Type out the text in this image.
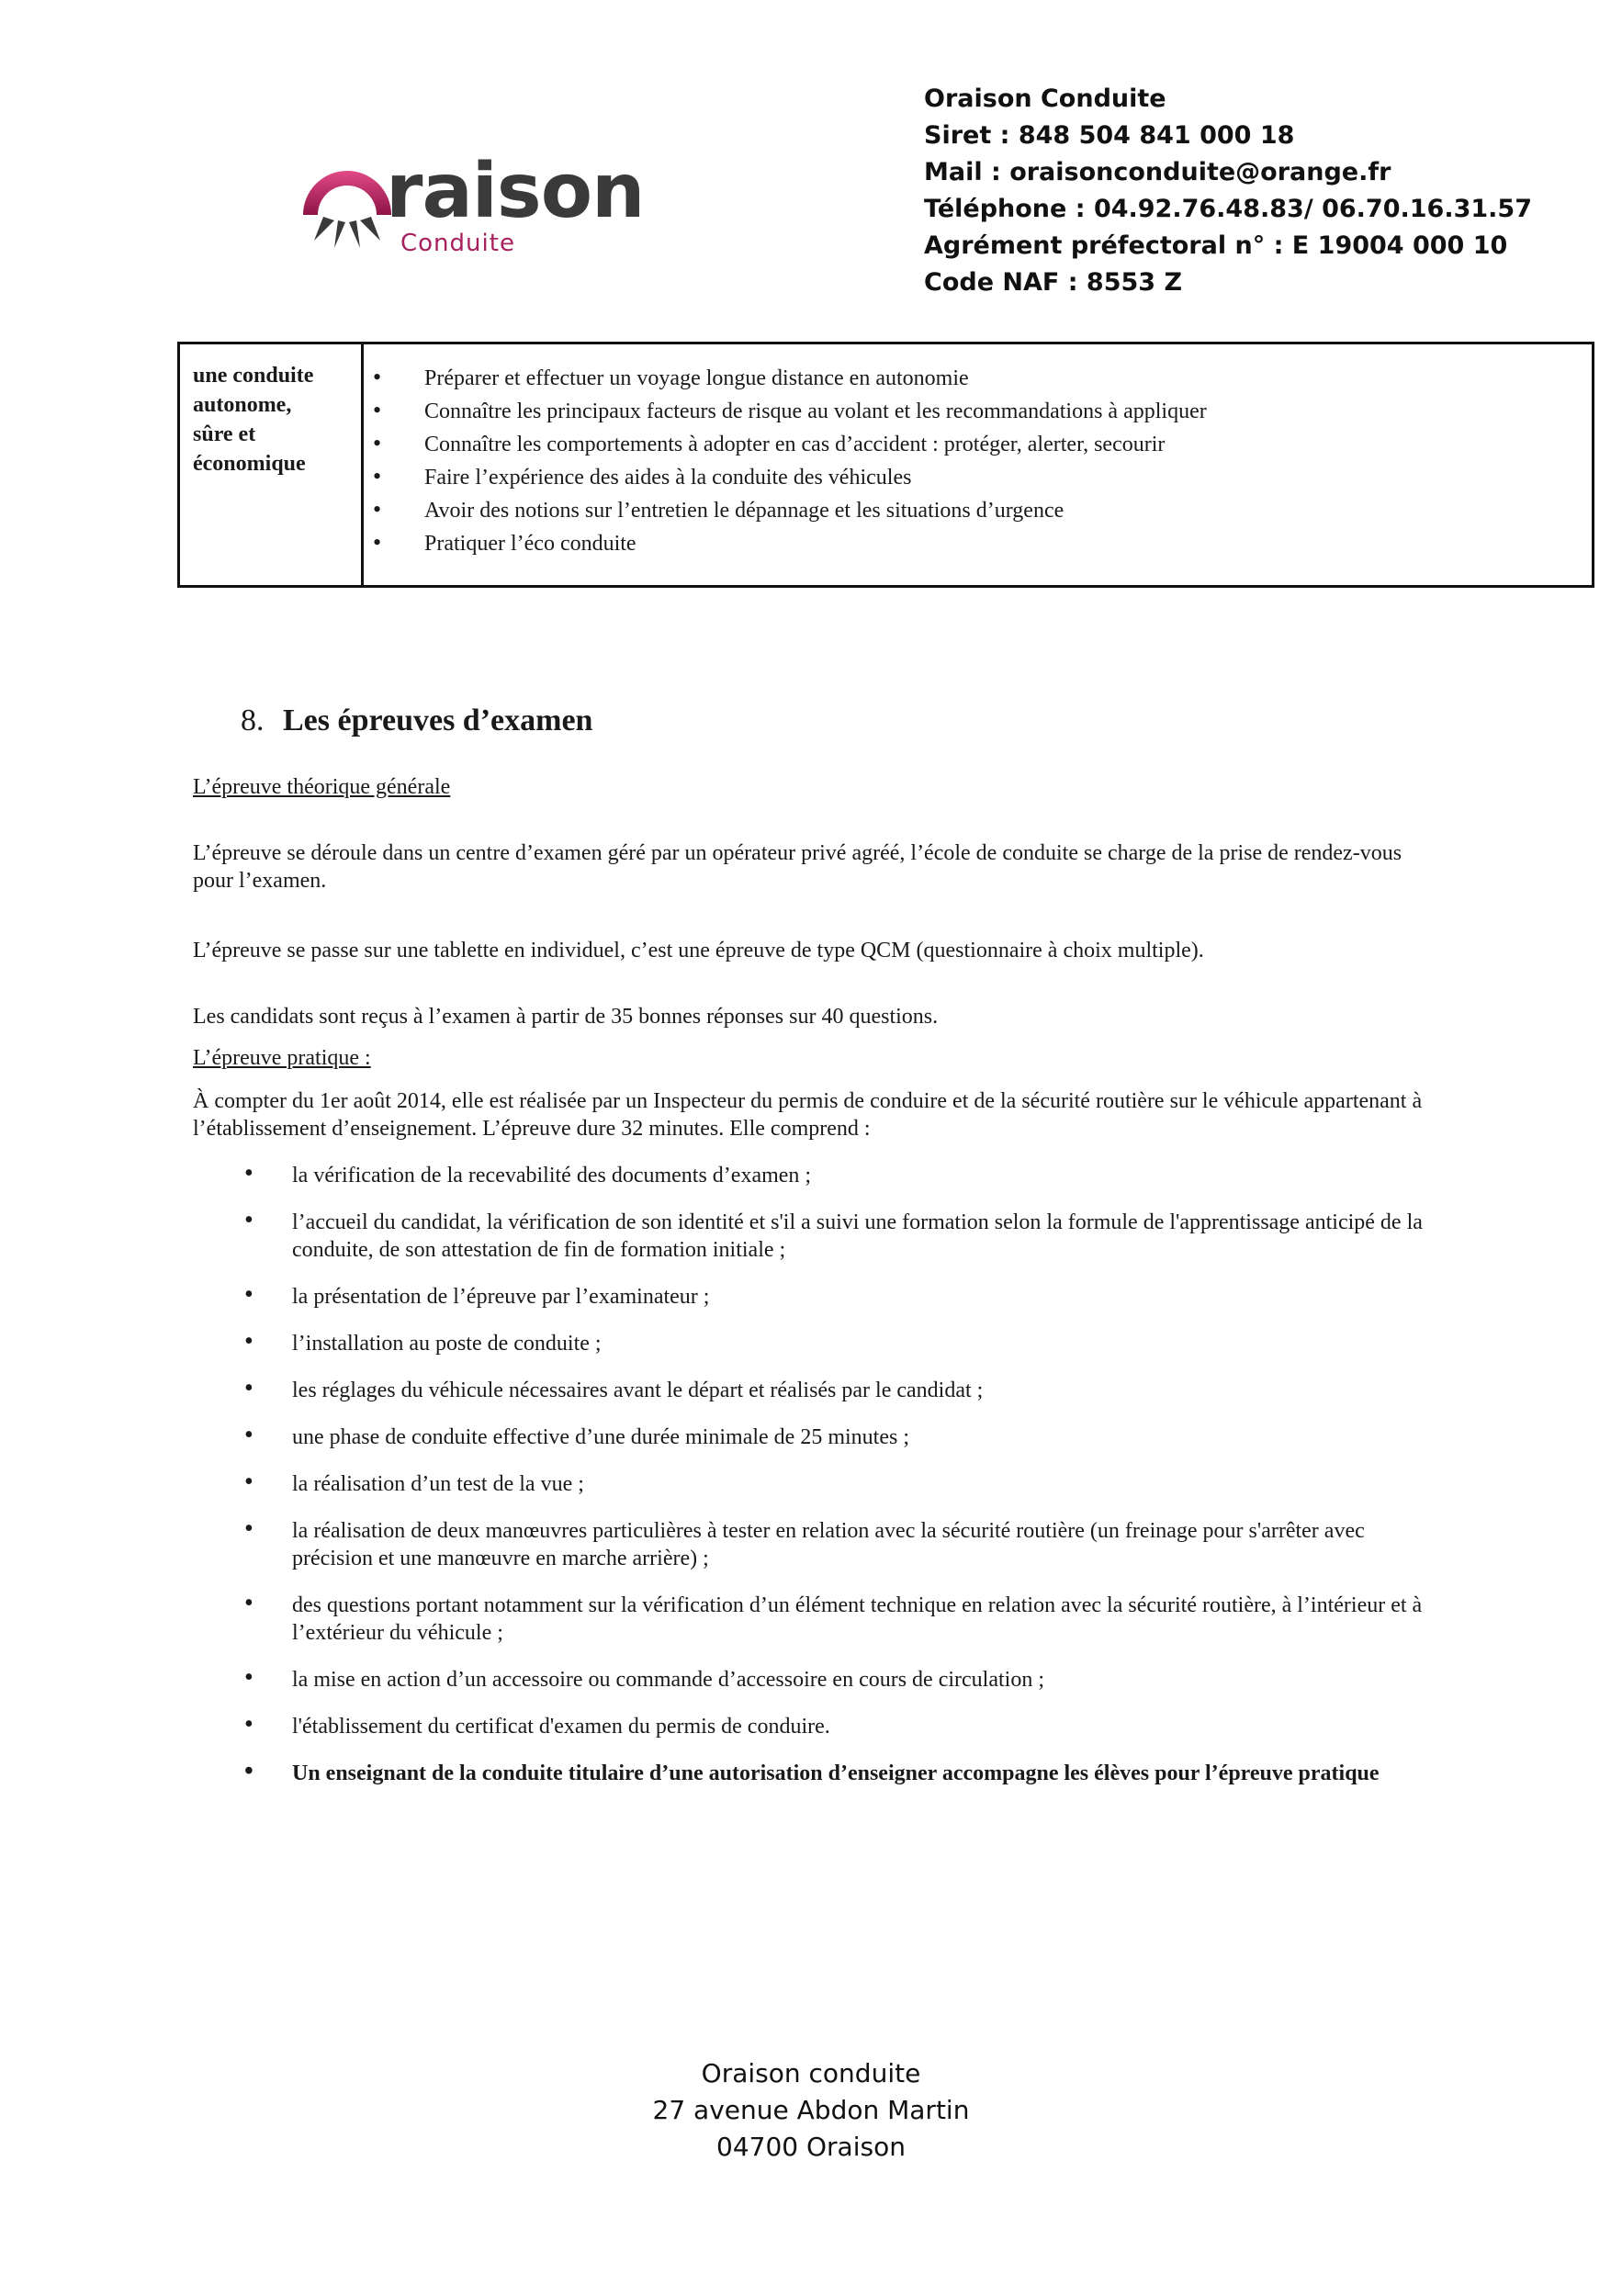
raison
Conduite
Oraison Conduite
Siret : 848 504 841 000 18
Mail : oraisonconduite@orange.fr
Téléphone : 04.92.76.48.83/ 06.70.16.31.57
Agrément préfectoral n° : E 19004 000 10
Code NAF : 8553 Z
une conduite
autonome,
sûre et
économique
• Préparer et effectuer un voyage longue distance en autonomie
• Connaître les principaux facteurs de risque au volant et les recommandations à appliquer
• Connaître les comportements à adopter en cas d’accident : protéger, alerter, secourir
• Faire l’expérience des aides à la conduite des véhicules
• Avoir des notions sur l’entretien le dépannage et les situations d’urgence
• Pratiquer l’éco conduite
8. Les épreuves d’examen
L’épreuve théorique générale
L’épreuve se déroule dans un centre d’examen géré par un opérateur privé agréé, l’école de conduite se charge de la prise de rendez-vous pour l’examen.
L’épreuve se passe sur une tablette en individuel, c’est une épreuve de type QCM (questionnaire à choix multiple).
Les candidats sont reçus à l’examen à partir de 35 bonnes réponses sur 40 questions.
L’épreuve pratique :
À compter du 1er août 2014, elle est réalisée par un Inspecteur du permis de conduire et de la sécurité routière sur le véhicule appartenant à l’établissement d’enseignement. L’épreuve dure 32 minutes. Elle comprend :
• la vérification de la recevabilité des documents d’examen ;
• l’accueil du candidat, la vérification de son identité et s'il a suivi une formation selon la formule de l'apprentissage anticipé de la conduite, de son attestation de fin de formation initiale ;
• la présentation de l’épreuve par l’examinateur ;
• l’installation au poste de conduite ;
• les réglages du véhicule nécessaires avant le départ et réalisés par le candidat ;
• une phase de conduite effective d’une durée minimale de 25 minutes ;
• la réalisation d’un test de la vue ;
• la réalisation de deux manœuvres particulières à tester en relation avec la sécurité routière (un freinage pour s'arrêter avec précision et une manœuvre en marche arrière) ;
• des questions portant notamment sur la vérification d’un élément technique en relation avec la sécurité routière, à l’intérieur et à l’extérieur du véhicule ;
• la mise en action d’un accessoire ou commande d’accessoire en cours de circulation ;
• l'établissement du certificat d'examen du permis de conduire.
• Un enseignant de la conduite titulaire d’une autorisation d’enseigner accompagne les élèves pour l’épreuve pratique
Oraison conduite
27 avenue Abdon Martin
04700 Oraison
